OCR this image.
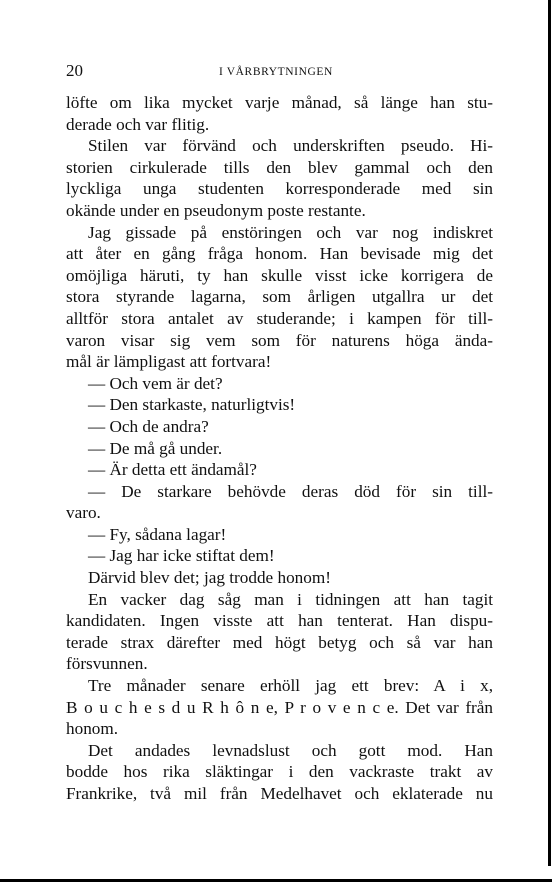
20	I VÅRBRYTNINGEN
löfte om lika mycket varje månad, så länge han stu-
derade och var flitig.
Stilen var förvänd och underskriften pseudo. Hi-
storien cirkulerade tills den blev gammal och den
lyckliga unga studenten korresponderade med sin
okände under en pseudonym poste restante.
Jag gissade på enstöringen och var nog indiskret
att åter en gång fråga honom. Han bevisade mig det
omöjliga häruti, ty han skulle visst icke korrigera de
stora styrande lagarna, som årligen utgallra ur det
alltför stora antalet av studerande; i kampen för till-
varon visar sig vem som för naturens höga ända-
mål är lämpligast att fortvara!
— Och vem är det?
— Den starkaste, naturligtvis!
— Och de andra?
— De må gå under.
— Är detta ett ändamål?
— De starkare behövde deras död för sin till-
varo.
— Fy, sådana lagar!
— Jag har icke stiftat dem!
Därvid blev det; jag trodde honom!
En vacker dag såg man i tidningen att han tagit
kandidaten. Ingen visste att han tenterat. Han dispu-
terade strax därefter med högt betyg och så var han
försvunnen.
Tre månader senare erhöll jag ett brev: A i x,
B o u c h e s d u R h ô n e, P r o v e n c e. Det var från
honom.
Det andades levnadslust och gott mod. Han
bodde hos rika släktingar i den vackraste trakt av
Frankrike, två mil från Medelhavet och eklaterade nu
